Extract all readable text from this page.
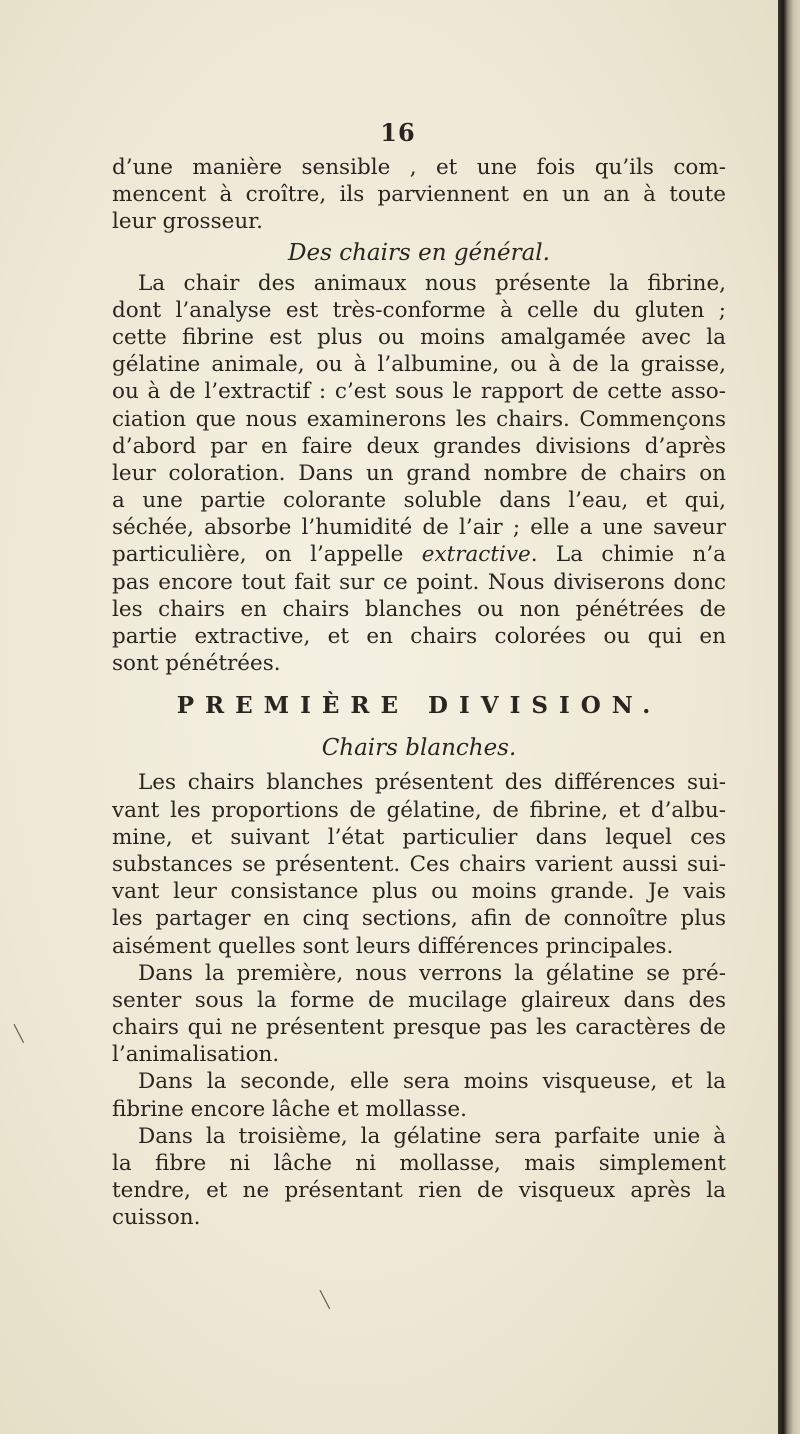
16
d’une manière sensible , et une fois qu’ils com-
mencent à croître, ils parviennent en un an à toute
leur grosseur.
Des chairs en général.
La chair des animaux nous présente la fibrine,
dont l’analyse est très-conforme à celle du gluten ;
cette fibrine est plus ou moins amalgamée avec la
gélatine animale, ou à l’albumine, ou à de la graisse,
ou à de l’extractif : c’est sous le rapport de cette asso-
ciation que nous examinerons les chairs. Commençons
d’abord par en faire deux grandes divisions d’après
leur coloration. Dans un grand nombre de chairs on
a une partie colorante soluble dans l’eau, et qui,
séchée, absorbe l’humidité de l’air ; elle a une saveur
particulière, on l’appelle extractive. La chimie n’a
pas encore tout fait sur ce point. Nous diviserons donc
les chairs en chairs blanches ou non pénétrées de
partie extractive, et en chairs colorées ou qui en
sont pénétrées.
PREMIÈRE DIVISION.
Chairs blanches.
Les chairs blanches présentent des différences sui-
vant les proportions de gélatine, de fibrine, et d’albu-
mine, et suivant l’état particulier dans lequel ces
substances se présentent. Ces chairs varient aussi sui-
vant leur consistance plus ou moins grande. Je vais
les partager en cinq sections, afin de connoître plus
aisément quelles sont leurs différences principales.
Dans la première, nous verrons la gélatine se pré-
senter sous la forme de mucilage glaireux dans des
chairs qui ne présentent presque pas les caractères de
l’animalisation.
Dans la seconde, elle sera moins visqueuse, et la
fibrine encore lâche et mollasse.
Dans la troisième, la gélatine sera parfaite unie à
la fibre ni lâche ni mollasse, mais simplement
tendre, et ne présentant rien de visqueux après la
cuisson.
╲
╲
